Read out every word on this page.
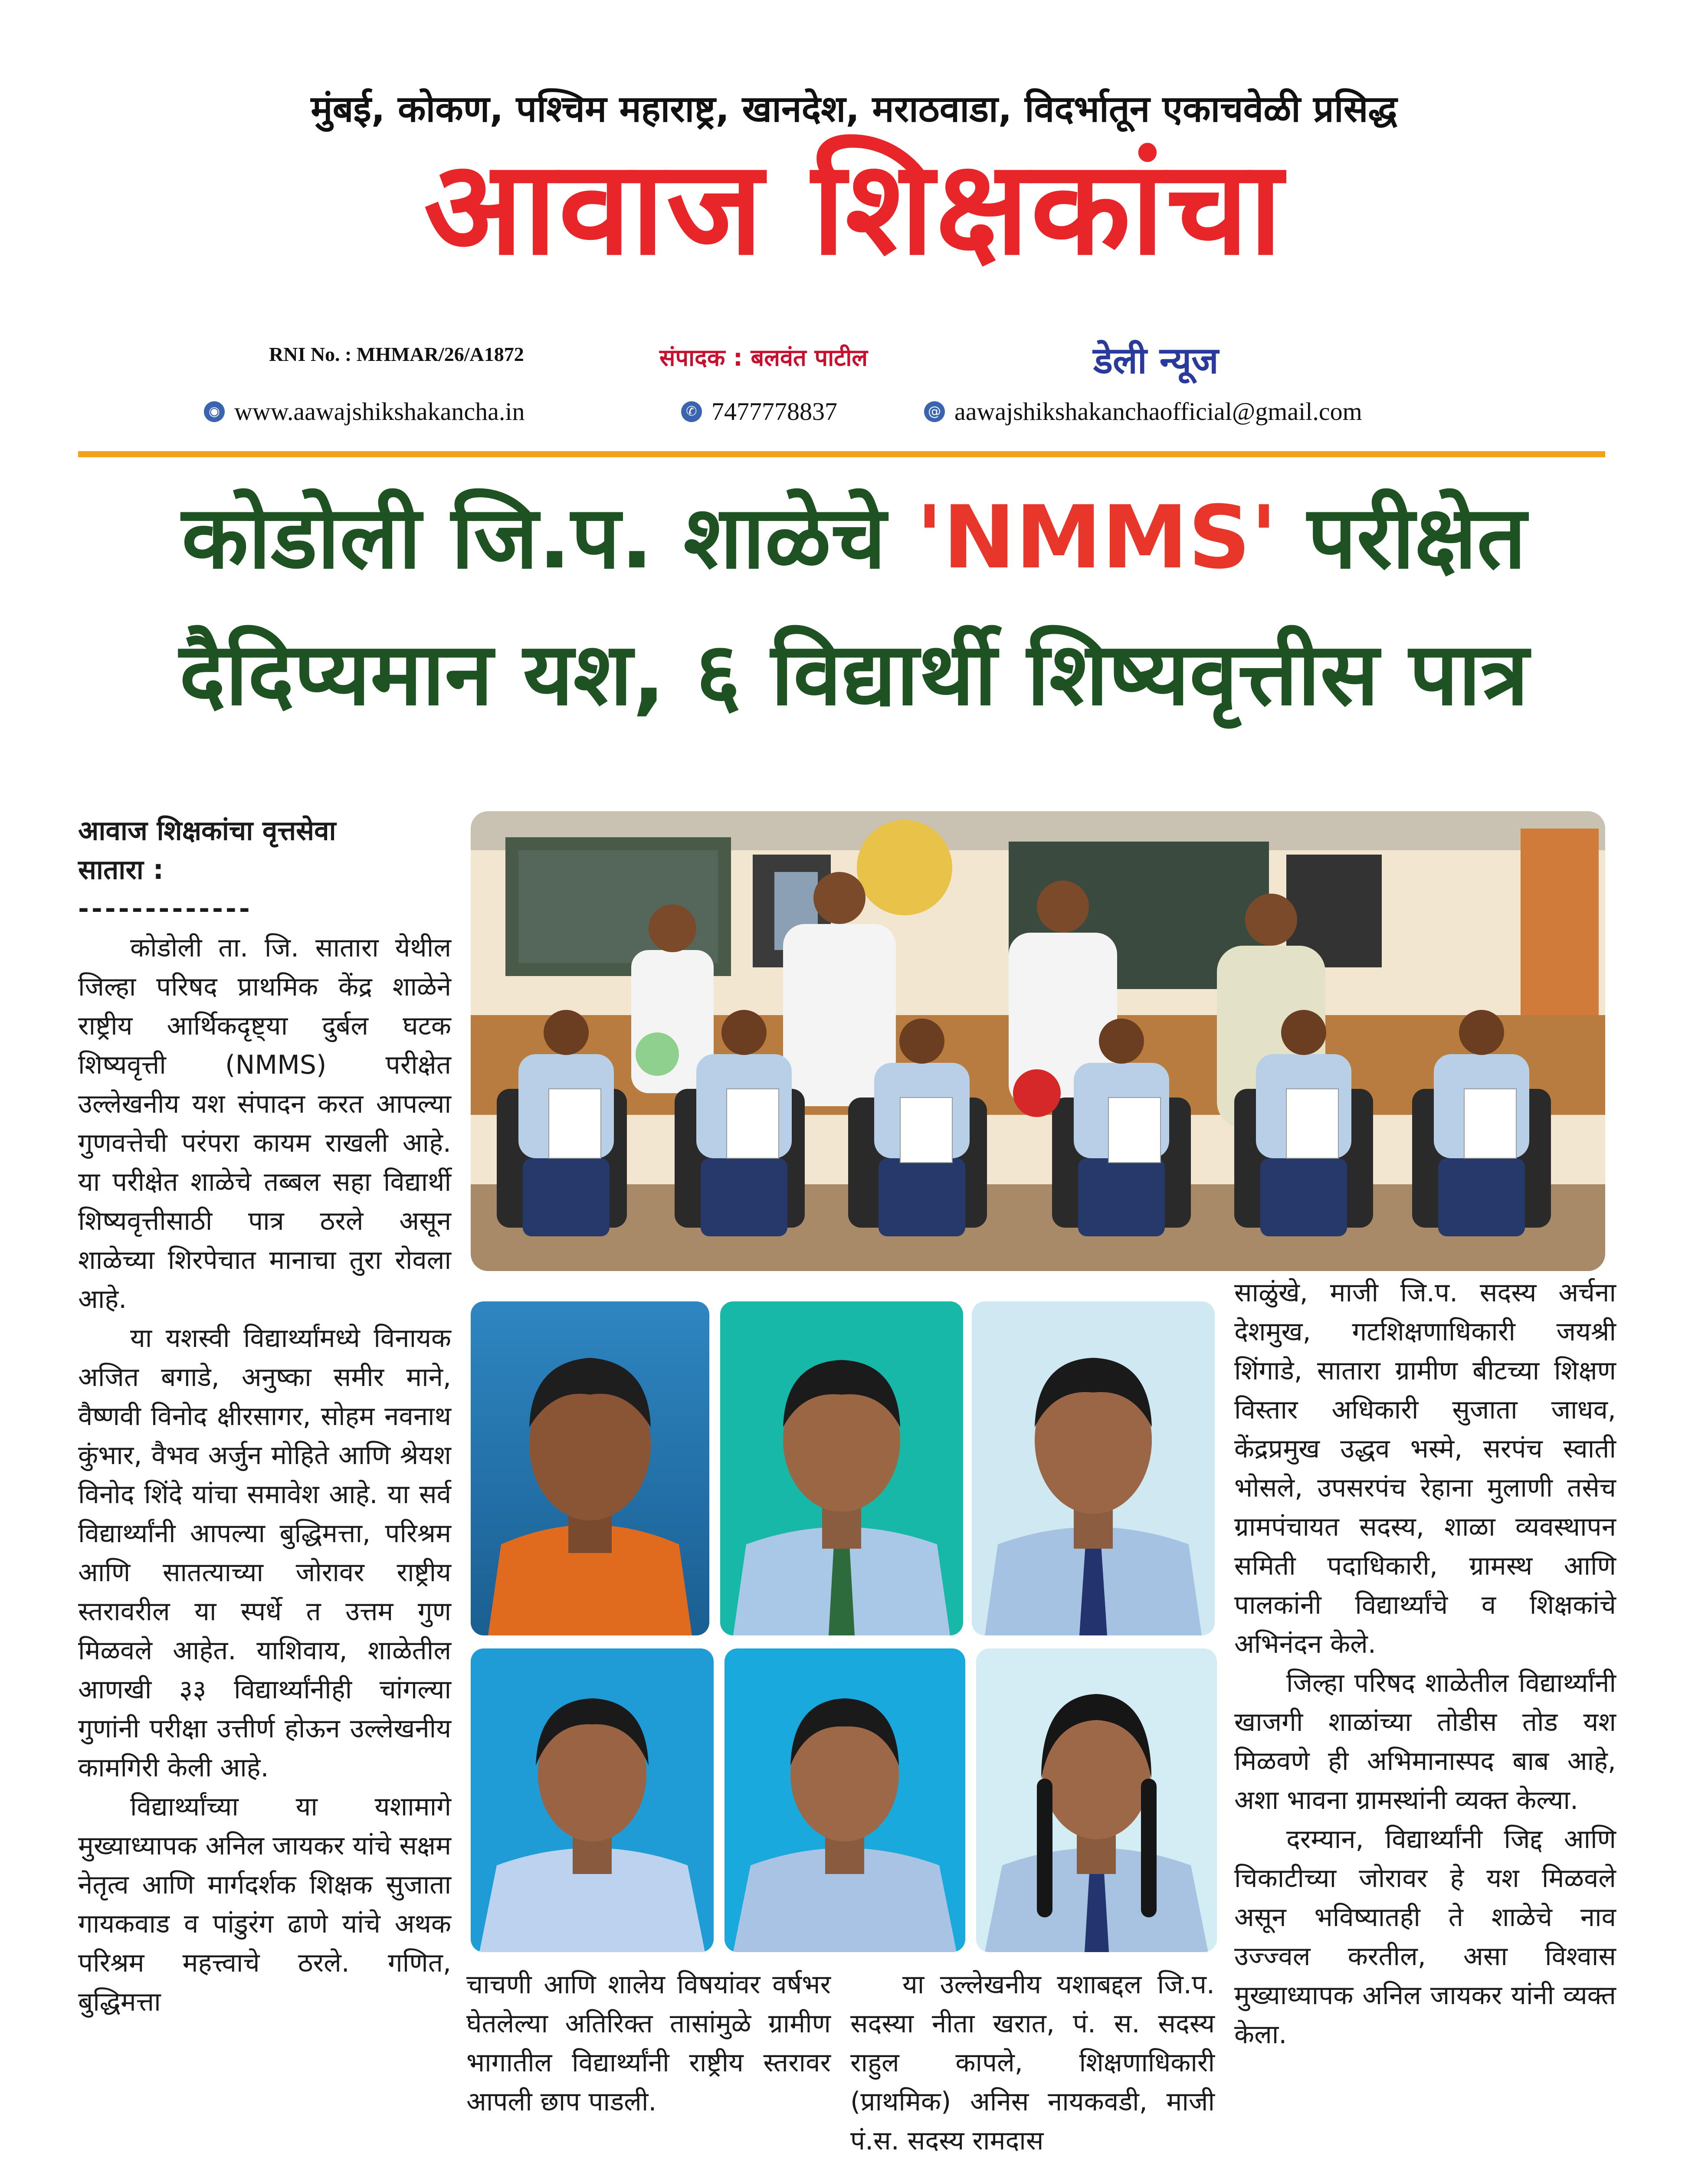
मुंबई, कोकण, पश्चिम महाराष्ट्र, खानदेश, मराठवाडा, विदर्भातून एकाचवेळी प्रसिद्ध
आवाज शिक्षकांचा
RNI No. : MHMAR/26/A1872	संपादक : बलवंत पाटील	डेली न्यूज
◉ www.aawajshikshakancha.in	✆ 7477778837	@ aawajshikshakanchaofficial@gmail.com
कोडोली जि.प. शाळेचे 'NMMS' परीक्षेत
दैदिप्यमान यश, ६ विद्यार्थी शिष्यवृत्तीस पात्र
आवाज शिक्षकांचा वृत्तसेवा
सातारा :
-------------

कोडोली ता. जि. सातारा येथील जिल्हा परिषद प्राथमिक केंद्र शाळेने राष्ट्रीय आर्थिकदृष्ट्या दुर्बल घटक शिष्यवृत्ती (NMMS) परीक्षेत उल्लेखनीय यश संपादन करत आपल्या गुणवत्तेची परंपरा कायम राखली आहे. या परीक्षेत शाळेचे तब्बल सहा विद्यार्थी शिष्यवृत्तीसाठी पात्र ठरले असून शाळेच्या शिरपेचात मानाचा तुरा रोवला आहे.

या यशस्वी विद्यार्थ्यांमध्ये विनायक अजित बगाडे, अनुष्का समीर माने, वैष्णवी विनोद क्षीरसागर, सोहम नवनाथ कुंभार, वैभव अर्जुन मोहिते आणि श्रेयश विनोद शिंदे यांचा समावेश आहे. या सर्व विद्यार्थ्यांनी आपल्या बुद्धिमत्ता, परिश्रम आणि सातत्याच्या जोरावर राष्ट्रीय स्तरावरील या स्पर्धे त उत्तम गुण मिळवले आहेत. याशिवाय, शाळेतील आणखी ३३ विद्यार्थ्यांनीही चांगल्या गुणांनी परीक्षा उत्तीर्ण होऊन उल्लेखनीय कामगिरी केली आहे.

विद्यार्थ्यांच्या या यशामागे मुख्याध्यापक अनिल जायकर यांचे सक्षम नेतृत्व आणि मार्गदर्शक शिक्षक सुजाता गायकवाड व पांडुरंग ढाणे यांचे अथक परिश्रम महत्त्वाचे ठरले. गणित, बुद्धिमत्ता

चाचणी आणि शालेय विषयांवर वर्षभर घेतलेल्या अतिरिक्त तासांमुळे ग्रामीण भागातील विद्यार्थ्यांनी राष्ट्रीय स्तरावर आपली छाप पाडली.

या उल्लेखनीय यशाबद्दल जि.प. सदस्या नीता खरात, पं. स. सदस्य राहुल कापले, शिक्षणाधिकारी (प्राथमिक) अनिस नायकवडी, माजी पं.स. सदस्य रामदास

साळुंखे, माजी जि.प. सदस्य अर्चना देशमुख, गटशिक्षणाधिकारी जयश्री शिंगाडे, सातारा ग्रामीण बीटच्या शिक्षण विस्तार अधिकारी सुजाता जाधव, केंद्रप्रमुख उद्धव भस्मे, सरपंच स्वाती भोसले, उपसरपंच रेहाना मुलाणी तसेच ग्रामपंचायत सदस्य, शाळा व्यवस्थापन समिती पदाधिकारी, ग्रामस्थ आणि पालकांनी विद्यार्थ्यांचे व शिक्षकांचे अभिनंदन केले.

जिल्हा परिषद शाळेतील विद्यार्थ्यांनी खाजगी शाळांच्या तोडीस तोड यश मिळवणे ही अभिमानास्पद बाब आहे, अशा भावना ग्रामस्थांनी व्यक्त केल्या.

दरम्यान, विद्यार्थ्यांनी जिद्द आणि चिकाटीच्या जोरावर हे यश मिळवले असून भविष्यातही ते शाळेचे नाव उज्ज्वल करतील, असा विश्वास मुख्याध्यापक अनिल जायकर यांनी व्यक्त केला.
